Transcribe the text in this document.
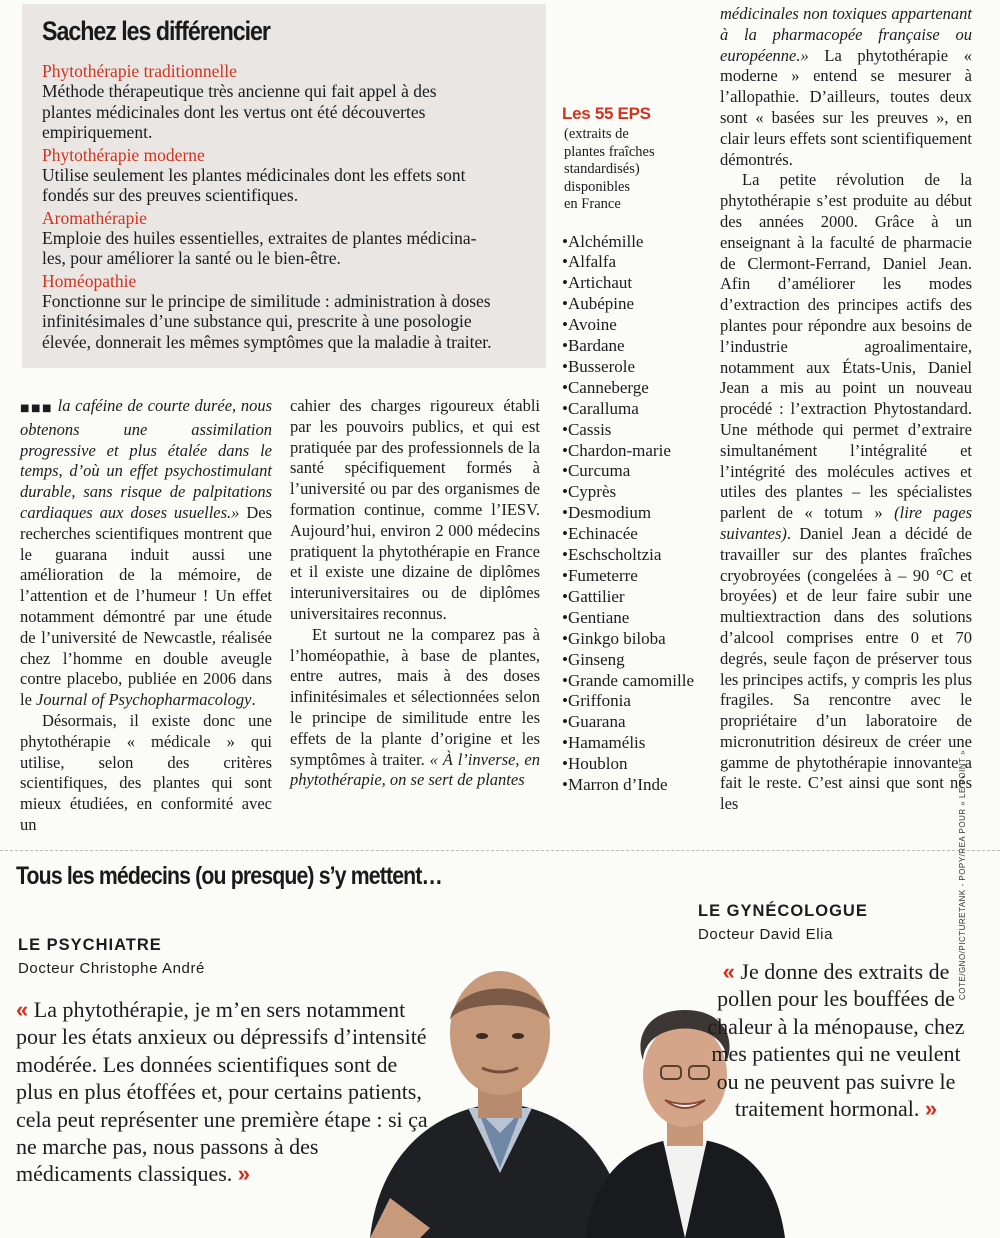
Sachez les différencier

Phytothérapie traditionnelle

Méthode thérapeutique très ancienne qui fait appel à des
plantes médicinales dont les vertus ont été découvertes
empiriquement.

Phytothérapie moderne

Utilise seulement les plantes médicinales dont les effets sont
fondés sur des preuves scientifiques.

Aromathérapie

Emploie des huiles essentielles, extraites de plantes médicina-
les, pour améliorer la santé ou le bien-être.

Homéopathie

Fonctionne sur le principe de similitude : administration à doses
infinitésimales d’une substance qui, prescrite à une posologie
élevée, donnerait les mêmes symptômes que la maladie à traiter.

■■■ la caféine de courte durée, nous obtenons une assimilation progressive et plus étalée dans le temps, d’où un effet psychostimulant durable, sans risque de palpitations cardiaques aux doses usuelles.» Des recherches scientifiques montrent que le guarana induit aussi une amélioration de la mémoire, de l’attention et de l’humeur ! Un effet notamment démontré par une étude de l’université de Newcastle, réalisée chez l’homme en double aveugle contre placebo, publiée en 2006 dans le Journal of Psychopharmacology.

Désormais, il existe donc une phytothérapie « médicale » qui utilise, selon des critères scientifiques, des plantes qui sont mieux étudiées, en conformité avec un

cahier des charges rigoureux établi par les pouvoirs publics, et qui est pratiquée par des professionnels de la santé spécifiquement formés à l’université ou par des organismes de formation continue, comme l’IESV. Aujourd’hui, environ 2 000 médecins pratiquent la phytothérapie en France et il existe une dizaine de diplômes interuniversitaires ou de diplômes universitaires reconnus.

Et surtout ne la comparez pas à l’homéopathie, à base de plantes, entre autres, mais à des doses infinitésimales et sélectionnées selon le principe de similitude entre les effets de la plante d’origine et les symptômes à traiter. « À l’inverse, en phytothérapie, on se sert de plantes

Les 55 EPS

(extraits de
plantes fraîches
standardisés)
disponibles
en France

• Alchémille
• Alfalfa
• Artichaut
• Aubépine
• Avoine
• Bardane
• Busserole
• Canneberge
• Caralluma
• Cassis
• Chardon-marie
• Curcuma
• Cyprès
• Desmodium
• Echinacée
• Eschscholtzia
• Fumeterre
• Gattilier
• Gentiane
• Ginkgo biloba
• Ginseng
• Grande camomille
• Griffonia
• Guarana
• Hamamélis
• Houblon
• Marron d’Inde

médicinales non toxiques appartenant à la pharmacopée française ou européenne.» La phytothérapie « moderne » entend se mesurer à l’allopathie. D’ailleurs, toutes deux sont « basées sur les preuves », en clair leurs effets sont scientifiquement démontrés.

La petite révolution de la phytothérapie s’est produite au début des années 2000. Grâce à un enseignant à la faculté de pharmacie de Clermont-Ferrand, Daniel Jean. Afin d’améliorer les modes d’extraction des principes actifs des plantes pour répondre aux besoins de l’industrie agroalimentaire, notamment aux États-Unis, Daniel Jean a mis au point un nouveau procédé : l’extraction Phytostandard. Une méthode qui permet d’extraire simultanément l’intégralité et l’intégrité des molécules actives et utiles des plantes – les spécialistes parlent de « totum » (lire pages suivantes). Daniel Jean a décidé de travailler sur des plantes fraîches cryobroyées (congelées à – 90 °C et broyées) et de leur faire subir une multiextraction dans des solutions d’alcool comprises entre 0 et 70 degrés, seule façon de préserver tous les principes actifs, y compris les plus fragiles. Sa rencontre avec le propriétaire d’un laboratoire de micronutrition désireux de créer une gamme de phytothérapie innovante a fait le reste. C’est ainsi que sont nés les

Tous les médecins (ou presque) s’y mettent…

LE PSYCHIATRE

Docteur Christophe André

LE GYNÉCOLOGUE

Docteur David Elia

« La phytothérapie, je m’en sers notamment pour les états anxieux ou dépressifs d’intensité modérée. Les données scientifiques sont de plus en plus étoffées et, pour certains patients, cela peut représenter une première étape : si ça ne marche pas, nous passons à des médicaments classiques. »
« Je donne des extraits de pollen pour les bouffées de chaleur à la ménopause, chez mes patientes qui ne veulent ou ne peuvent pas suivre le traitement hormonal. »
COTE/GNO/PICTURETANK - POPY/REA POUR « LE POINT »
